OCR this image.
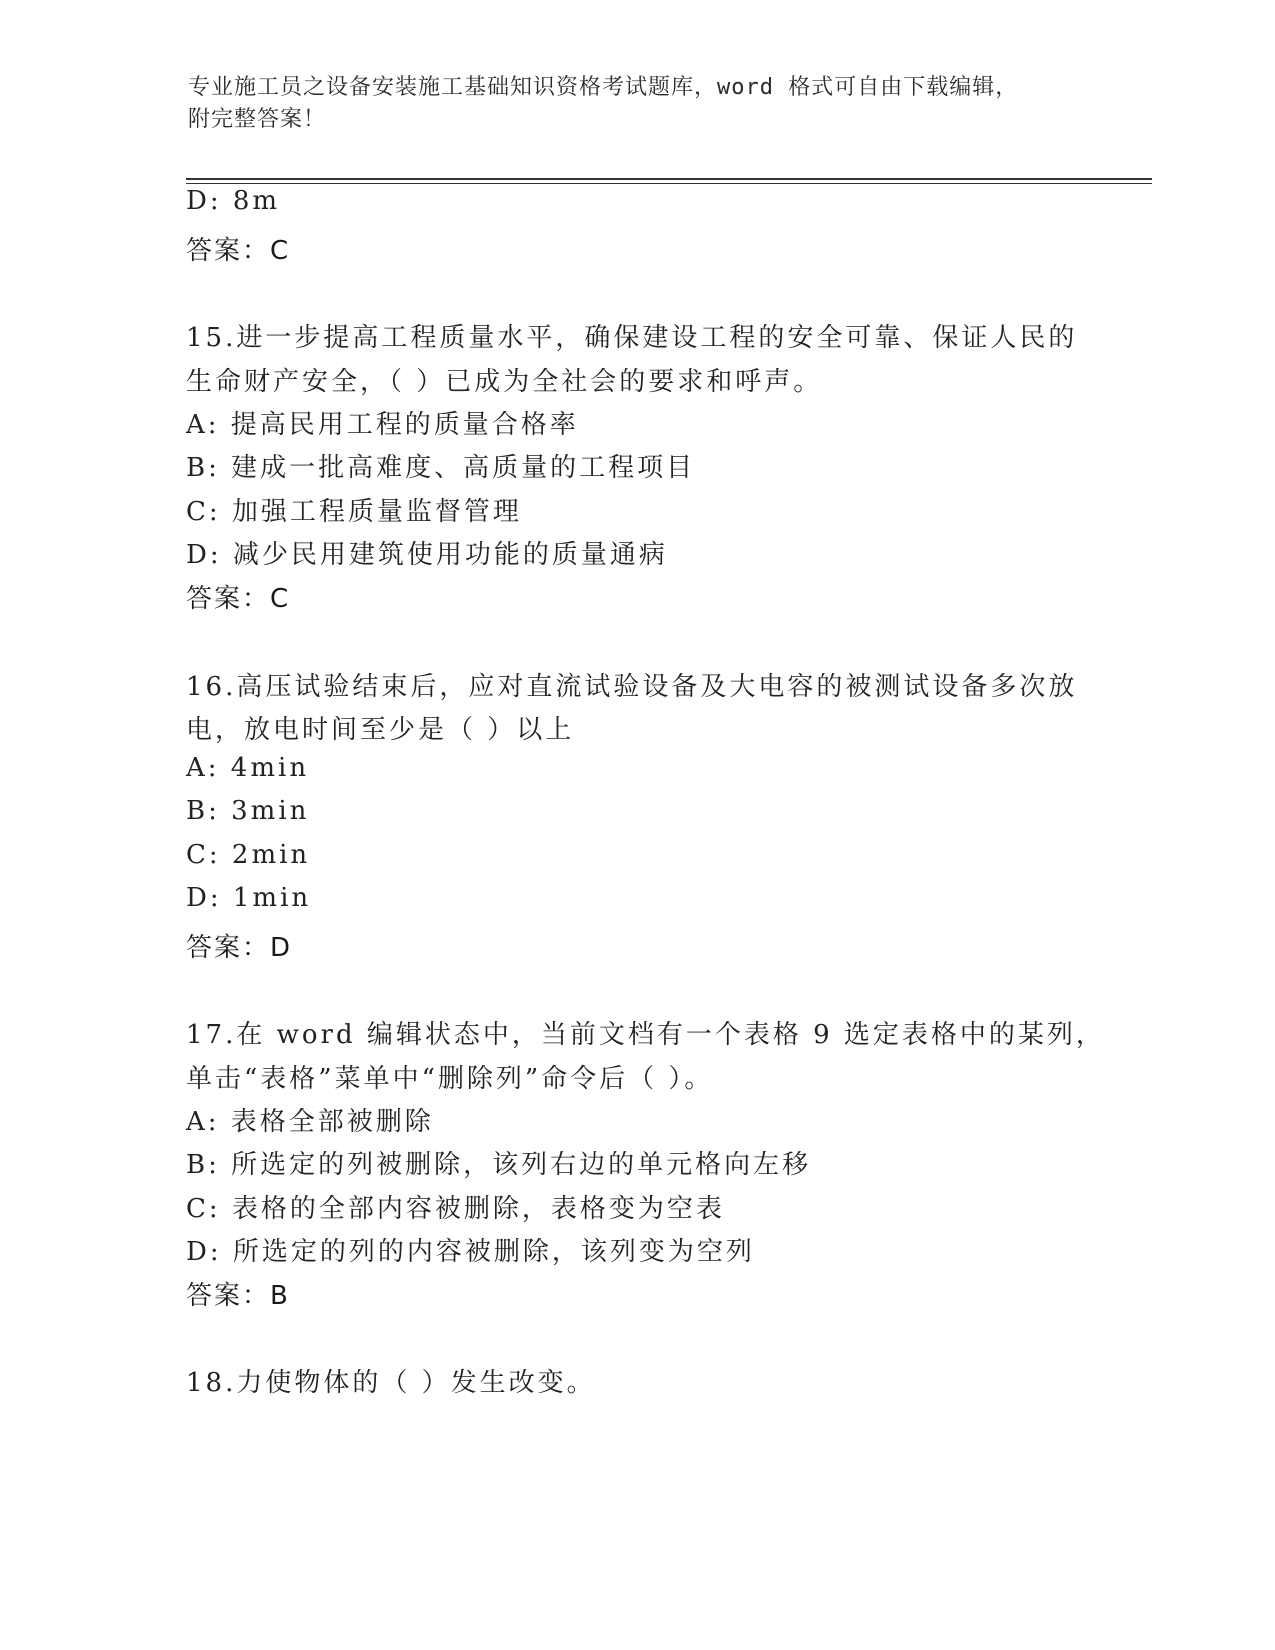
专业施工员之设备安装施工基础知识资格考试题库，word 格式可自由下载编辑，
附完整答案！
D: 8m
答案：C
15.进一步提高工程质量水平，确保建设工程的安全可靠、保证人民的
生命财产安全，（ ）已成为全社会的要求和呼声。
A: 提高民用工程的质量合格率
B: 建成一批高难度、高质量的工程项目
C: 加强工程质量监督管理
D: 减少民用建筑使用功能的质量通病
答案：C
16.高压试验结束后，应对直流试验设备及大电容的被测试设备多次放
电，放电时间至少是（ ）以上
A: 4min
B: 3min
C: 2min
D: 1min
答案：D
17.在 word 编辑状态中，当前文档有一个表格 9 选定表格中的某列，
单击“表格”菜单中“删除列”命令后（ ）。
A: 表格全部被删除
B: 所选定的列被删除，该列右边的单元格向左移
C: 表格的全部内容被删除，表格变为空表
D: 所选定的列的内容被删除，该列变为空列
答案：B
18.力使物体的（ ）发生改变。
